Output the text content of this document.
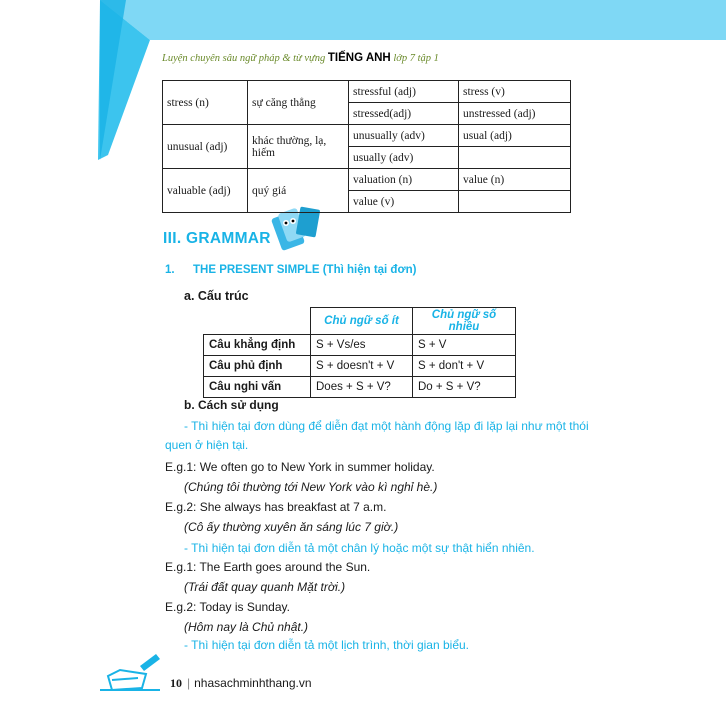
Luyện chuyên sâu ngữ pháp & từ vựng TIẾNG ANH lớp 7 tập 1
stress (n)	sự căng thẳng	stressful (adj)	stress (v)
		stressed(adj)	unstressed (adj)
unusual (adj)	khác thường, lạ, hiếm	unusually (adv)	usual (adj)
		usually (adv)	
valuable (adj)	quý giá	valuation (n)	value (n)
		value (v)	
III. GRAMMAR
1. THE PRESENT SIMPLE (Thì hiện tại đơn)
a. Cấu trúc
	Chủ ngữ số ít	Chủ ngữ số nhiều
Câu khẳng định	S + Vs/es	S + V
Câu phủ định	S + doesn't + V	S + don't + V
Câu nghi vấn	Does + S + V?	Do + S + V?
b. Cách sử dụng
- Thì hiện tại đơn dùng để diễn đạt một hành động lặp đi lặp lại như một thói
quen ở hiện tại.
E.g.1: We often go to New York in summer holiday.
(Chúng tôi thường tới New York vào kì nghỉ hè.)
E.g.2: She always has breakfast at 7 a.m.
(Cô ấy thường xuyên ăn sáng lúc 7 giờ.)
- Thì hiện tại đơn diễn tả một chân lý hoặc một sự thật hiển nhiên.
E.g.1: The Earth goes around the Sun.
(Trái đất quay quanh Mặt trời.)
E.g.2: Today is Sunday.
(Hôm nay là Chủ nhật.)
- Thì hiện tại đơn diễn tả một lịch trình, thời gian biểu.
10 | nhasachminhthang.vn
